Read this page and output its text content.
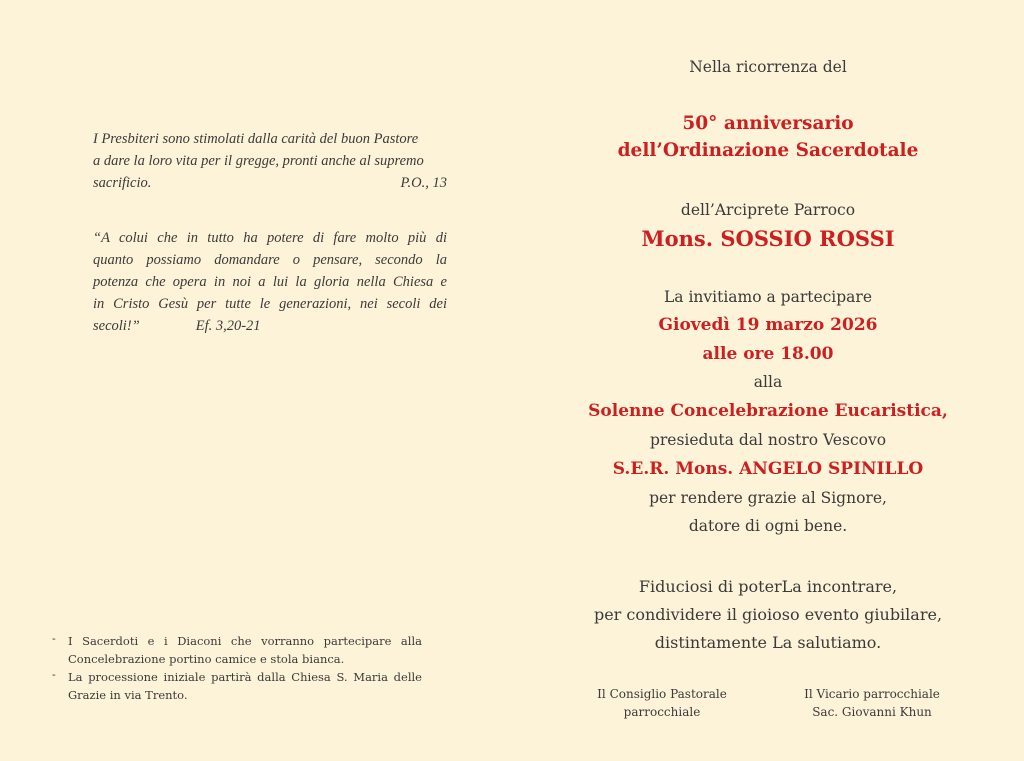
I Presbiteri sono stimolati dalla carità del buon Pastore
a dare la loro vita per il gregge, pronti anche al supremo
sacrificio.	P.O., 13
“A colui che in tutto ha potere di fare molto più di
quanto possiamo domandare o pensare, secondo la
potenza che opera in noi a lui la gloria nella Chiesa e
in Cristo Gesù per tutte le generazioni, nei secoli dei
secoli!”	Ef. 3,20-21
- I Sacerdoti e i Diaconi che vorranno partecipare alla Concelebrazione portino camice e stola bianca.
- La processione iniziale partirà dalla Chiesa S. Maria delle Grazie in via Trento.
Nella ricorrenza del
50° anniversario
dell’Ordinazione Sacerdotale
dell’Arciprete Parroco
Mons. SOSSIO ROSSI
La invitiamo a partecipare
Giovedì 19 marzo 2026
alle ore 18.00
alla
Solenne Concelebrazione Eucaristica,
presieduta dal nostro Vescovo
S.E.R. Mons. ANGELO SPINILLO
per rendere grazie al Signore,
datore di ogni bene.
Fiduciosi di poterLa incontrare,
per condividere il gioioso evento giubilare,
distintamente La salutiamo.
Il Consiglio Pastorale
parrocchiale
Il Vicario parrocchiale
Sac. Giovanni Khun
